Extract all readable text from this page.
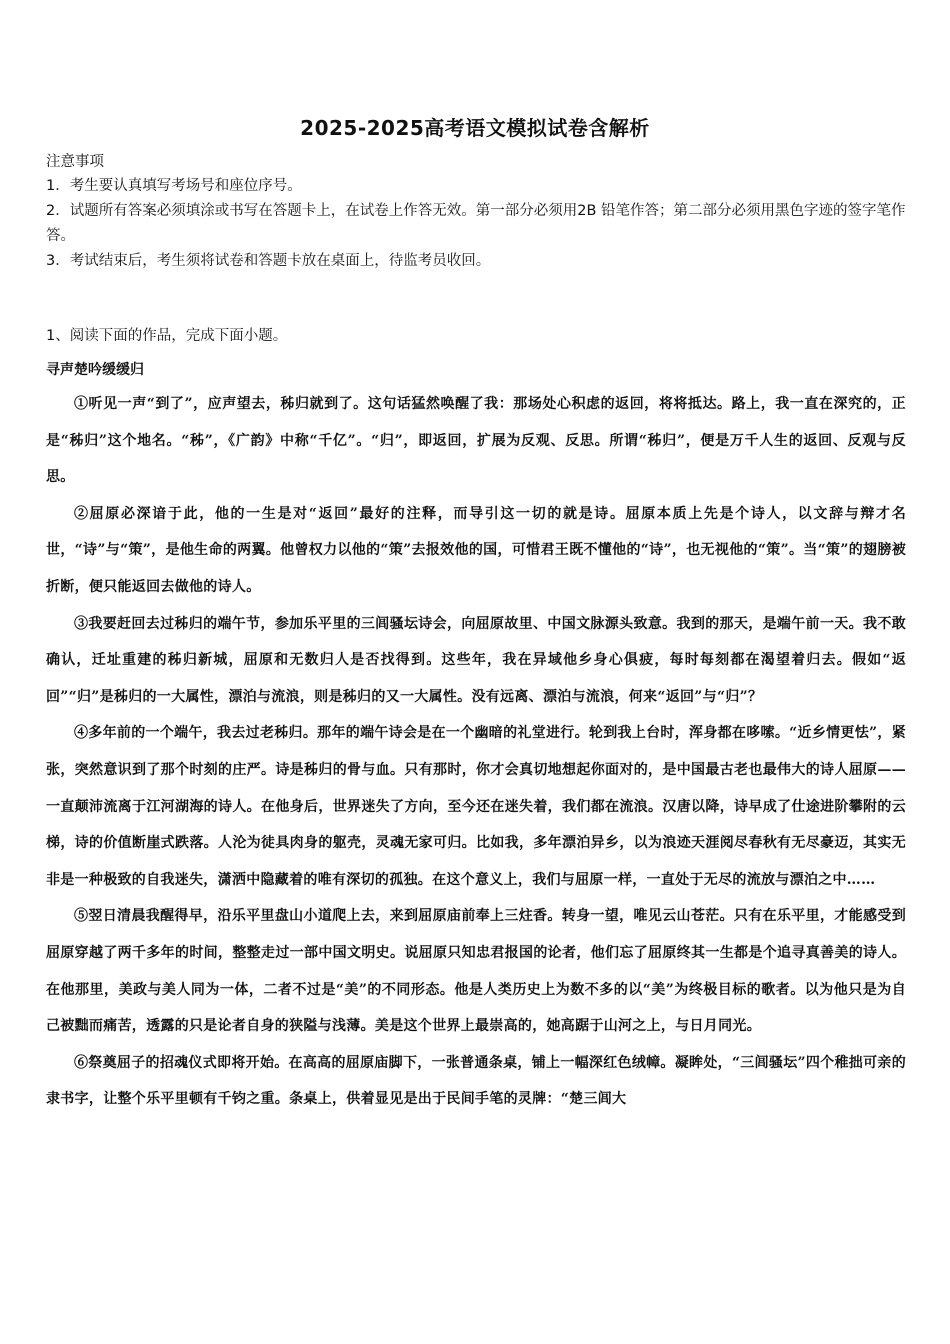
2025-2025高考语文模拟试卷含解析
注意事项
1．考生要认真填写考场号和座位序号。
2．试题所有答案必须填涂或书写在答题卡上，在试卷上作答无效。第一部分必须用2B 铅笔作答；第二部分必须用黑色字迹的签字笔作答。
3．考试结束后，考生须将试卷和答题卡放在桌面上，待监考员收回。
1、阅读下面的作品，完成下面小题。
寻声楚吟缓缓归

①听见一声“到了”，应声望去，秭归就到了。这句话猛然唤醒了我：那场处心积虑的返回，将将抵达。路上，我一直在深究的，正是“秭归”这个地名。“秭”，《广韵》中称“千亿”。“归”，即返回，扩展为反观、反思。所谓“秭归”，便是万千人生的返回、反观与反思。

②屈原必深谙于此，他的一生是对“返回”最好的注释，而导引这一切的就是诗。屈原本质上先是个诗人，以文辞与辩才名世，“诗”与“策”，是他生命的两翼。他曾权力以他的“策”去报效他的国，可惜君王既不懂他的“诗”，也无视他的“策”。当“策”的翅膀被折断，便只能返回去做他的诗人。

③我要赶回去过秭归的端午节，参加乐平里的三闾骚坛诗会，向屈原故里、中国文脉源头致意。我到的那天，是端午前一天。我不敢确认，迁址重建的秭归新城，屈原和无数归人是否找得到。这些年，我在异域他乡身心俱疲，每时每刻都在渴望着归去。假如“返回”“归”是秭归的一大属性，漂泊与流浪，则是秭归的又一大属性。没有远离、漂泊与流浪，何来“返回”与“归”？

④多年前的一个端午，我去过老秭归。那年的端午诗会是在一个幽暗的礼堂进行。轮到我上台时，浑身都在哆嗦。“近乡情更怯”，紧张，突然意识到了那个时刻的庄严。诗是秭归的骨与血。只有那时，你才会真切地想起你面对的，是中国最古老也最伟大的诗人屈原——一直颠沛流离于江河湖海的诗人。在他身后，世界迷失了方向，至今还在迷失着，我们都在流浪。汉唐以降，诗早成了仕途进阶攀附的云梯，诗的价值断崖式跌落。人沦为徒具肉身的躯壳，灵魂无家可归。比如我，多年漂泊异乡，以为浪迹天涯阅尽春秋有无尽豪迈，其实无非是一种极致的自我迷失，潇洒中隐藏着的唯有深切的孤独。在这个意义上，我们与屈原一样，一直处于无尽的流放与漂泊之中……

⑤翌日清晨我醒得早，沿乐平里盘山小道爬上去，来到屈原庙前奉上三炷香。转身一望，唯见云山苍茫。只有在乐平里，才能感受到屈原穿越了两千多年的时间，整整走过一部中国文明史。说屈原只知忠君报国的论者，他们忘了屈原终其一生都是个追寻真善美的诗人。在他那里，美政与美人同为一体，二者不过是“美”的不同形态。他是人类历史上为数不多的以“美”为终极目标的歌者。以为他只是为自己被黜而痛苦，透露的只是论者自身的狭隘与浅薄。美是这个世界上最崇高的，她高踞于山河之上，与日月同光。

⑥祭奠屈子的招魂仪式即将开始。在高高的屈原庙脚下，一张普通条桌，铺上一幅深红色绒幛。凝眸处，“三闾骚坛”四个稚拙可亲的隶书字，让整个乐平里顿有千钧之重。条桌上，供着显见是出于民间手笔的灵牌：“楚三闾大
